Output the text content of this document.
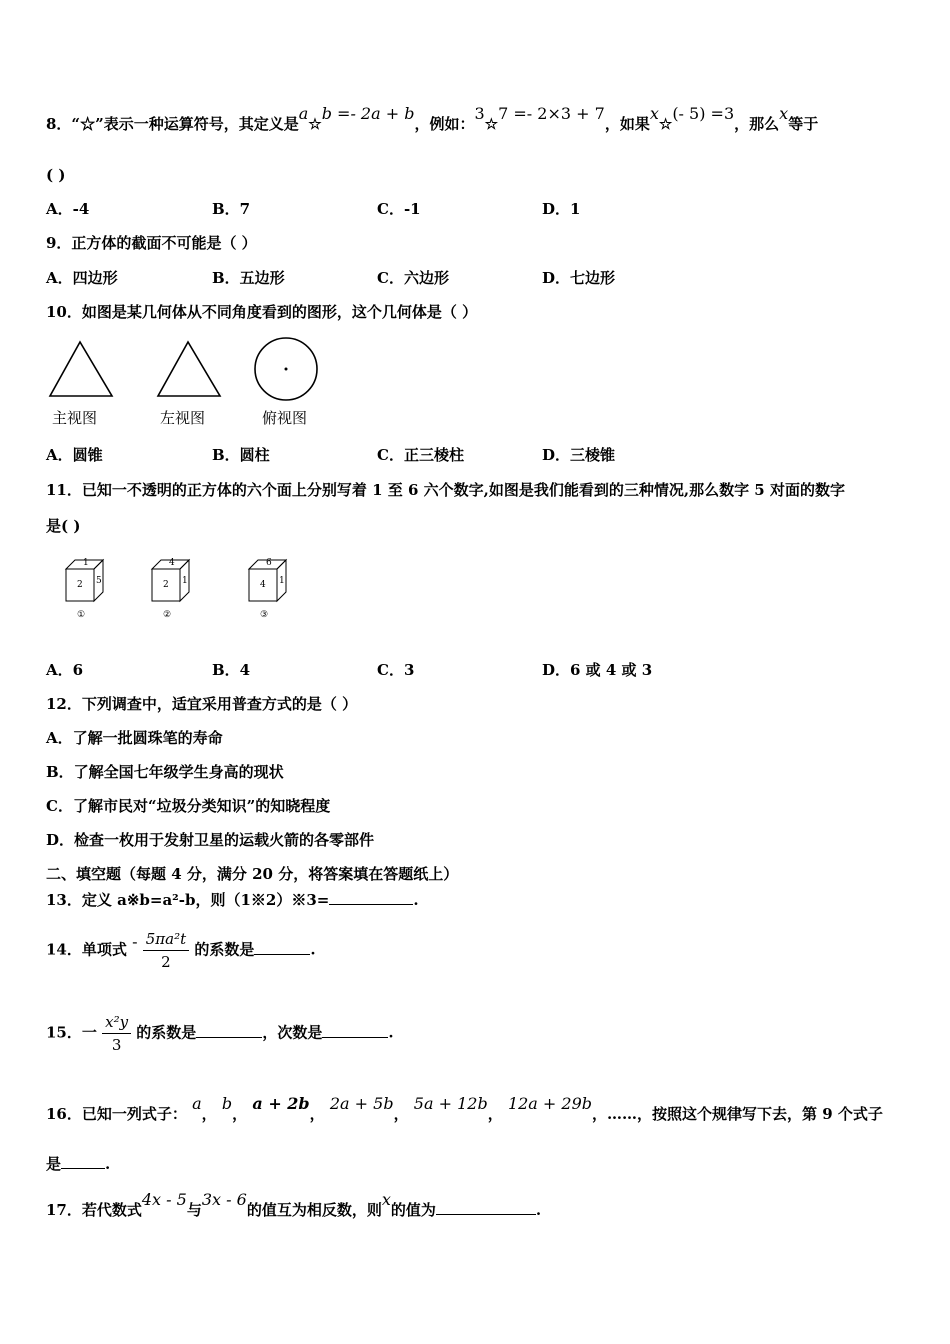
8．“☆”表示一种运算符号，其定义是a☆b =- 2a + b，例如：3☆7 =- 2×3 + 7，如果x☆(- 5) =3，那么x等于
( )
A．-4	B．7	C．-1	D．1
9．正方体的截面不可能是（ ）
A．四边形	B．五边形	C．六边形	D．七边形
10．如图是某几何体从不同角度看到的图形，这个几何体是（ ）
主视图	左视图	俯视图
A．圆锥	B．圆柱	C．正三棱柱	D．三棱锥
11．已知一不透明的正方体的六个面上分别写着 1 至 6 六个数字,如图是我们能看到的三种情况,那么数字 5 对面的数字
是( )
1
2 5
①
4
2 1
②
6
4 1
③
A．6	B．4	C．3	D．6 或 4 或 3
12．下列调查中，适宜采用普查方式的是（ ）
A．了解一批圆珠笔的寿命
B．了解全国七年级学生身高的现状
C．了解市民对“垃圾分类知识”的知晓程度
D．检查一枚用于发射卫星的运载火箭的各零部件
二、填空题（每题 4 分，满分 20 分，将答案填在答题纸上）
13．定义 a※b=a²-b，则（1※2）※3=	.
14．单项式 - $\frac{\text{5πa²t}}{2}$ 的系数是	.
15．一 $\frac{\text{x²y}}{3}$ 的系数是	，次数是	.
16．已知一列式子： a， b， a + 2b， 2a + 5b， 5a + 12b， 12a + 29b，……，按照这个规律写下去，第 9 个式子
是	.
17．若代数式4x - 5与3x - 6的值互为相反数，则x的值为	.
